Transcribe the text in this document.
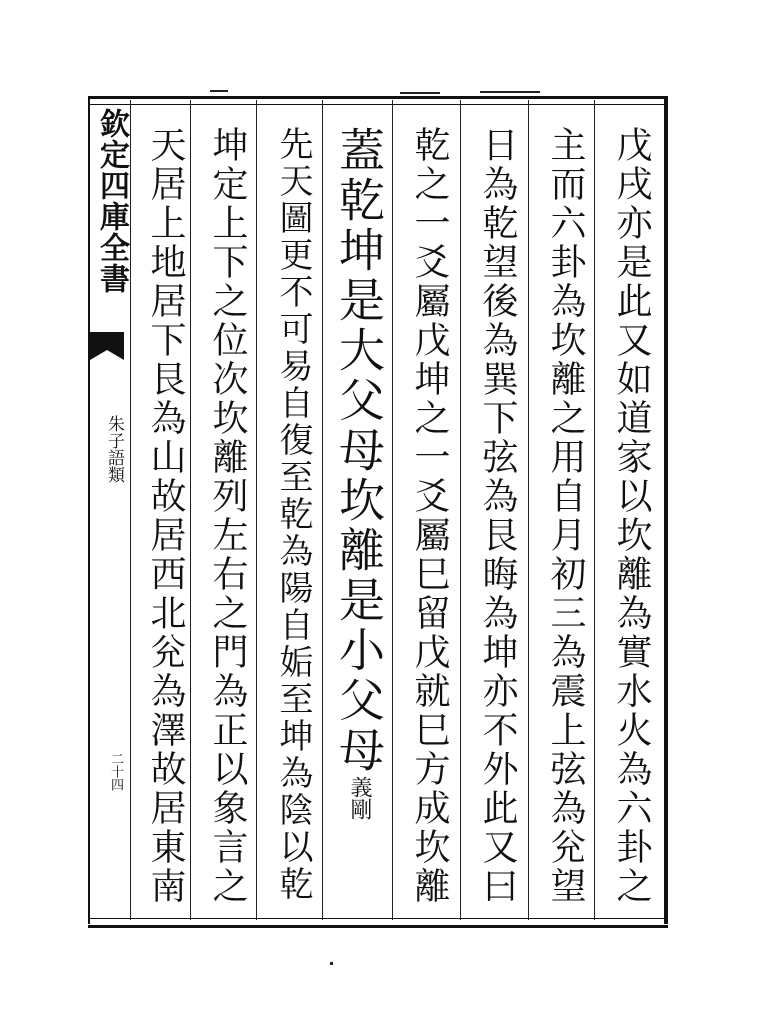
欽定四庫全書
朱子語類
二十四	戊戌亦是此又如道家以坎離為實水火為六卦之
主而六卦為坎離之用自月初三為震上弦為兊望
日為乾望後為巽下弦為艮晦為坤亦不外此又曰
乾之一爻屬戊坤之一爻屬巳留戊就巳方成坎離
蓋乾坤是大父母坎離是小父母義剛
先天圖更不可易自復至乾為陽自姤至坤為陰以乾
坤定上下之位次坎離列左右之門為正以象言之
天居上地居下艮為山故居西北兊為澤故居東南
